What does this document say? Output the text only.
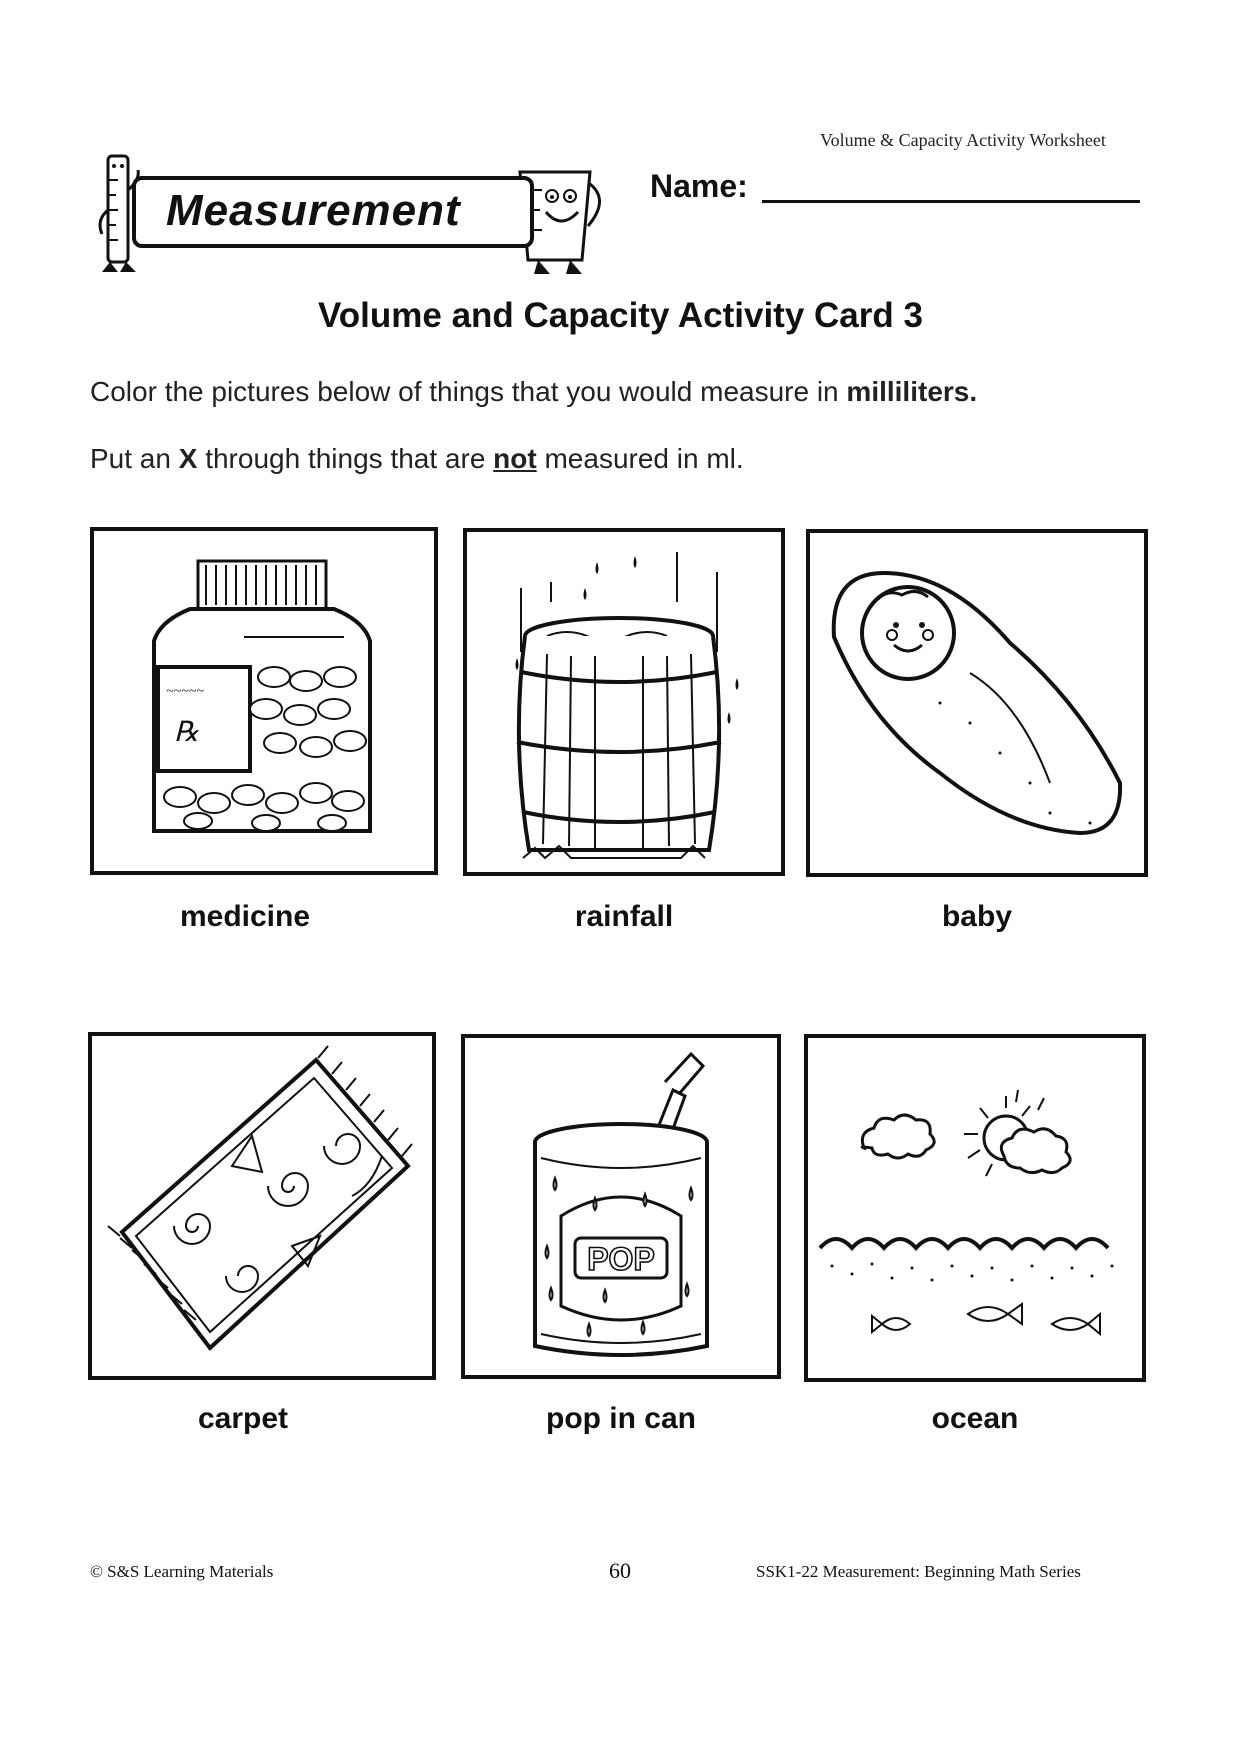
Volume & Capacity Activity Worksheet
Measurement	Name:
Volume and Capacity Activity Card 3
Color the pictures below of things that you would measure in milliliters.
Put an X through things that are not measured in ml.
~~~~~
℞
medicine	rainfall	baby
carpet
POP
pop in can	ocean
© S&S Learning Materials	60	SSK1-22 Measurement: Beginning Math Series
